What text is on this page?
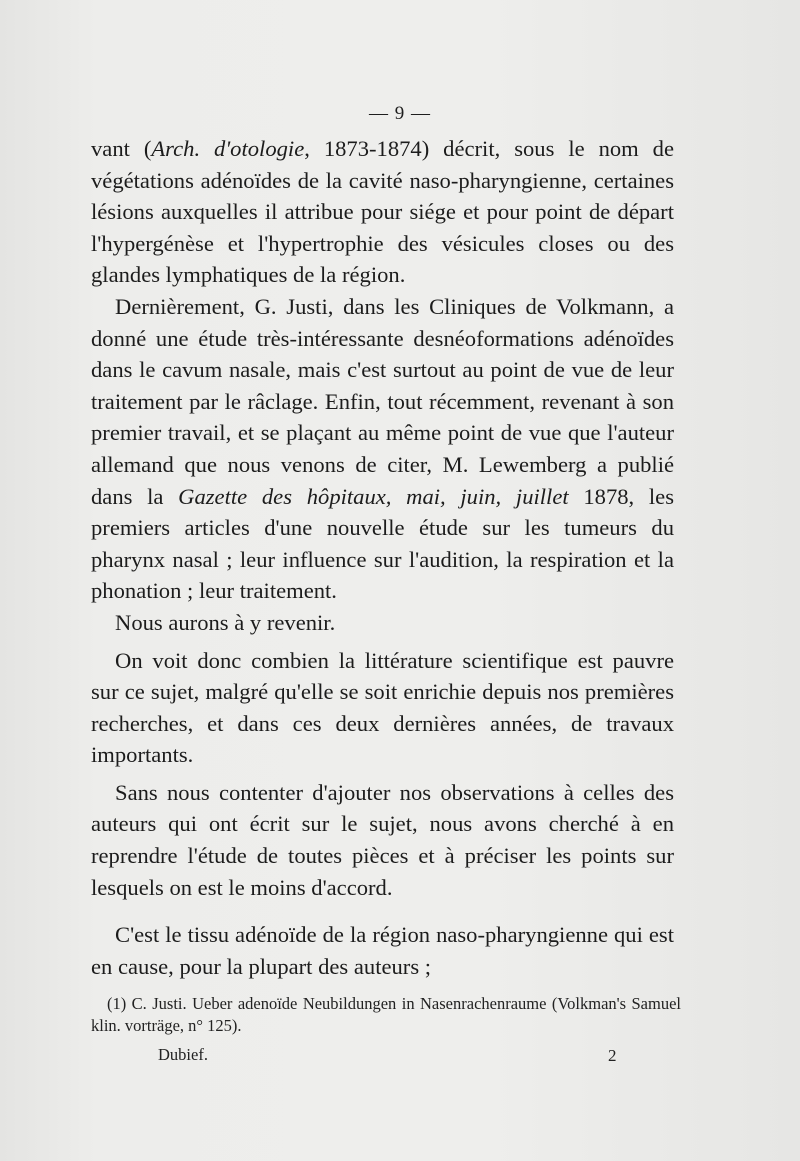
— 9 —

vant (Arch. d'otologie, 1873-1874) décrit, sous le nom de végétations adénoïdes de la cavité naso-pharyngienne, certaines lésions auxquelles il attribue pour siége et pour point de départ l'hypergénèse et l'hypertrophie des vésicules closes ou des glandes lymphatiques de la région.

Dernièrement, G. Justi, dans les Cliniques de Volkmann, a donné une étude très-intéressante desnéoformations adénoïdes dans le cavum nasale, mais c'est surtout au point de vue de leur traitement par le râclage. Enfin, tout récemment, revenant à son premier travail, et se plaçant au même point de vue que l'auteur allemand que nous venons de citer, M. Lewemberg a publié dans la Gazette des hôpitaux, mai, juin, juillet 1878, les premiers articles d'une nouvelle étude sur les tumeurs du pharynx nasal ; leur influence sur l'audition, la respiration et la phonation ; leur traitement.

Nous aurons à y revenir.

On voit donc combien la littérature scientifique est pauvre sur ce sujet, malgré qu'elle se soit enrichie depuis nos premières recherches, et dans ces deux dernières années, de travaux importants.

Sans nous contenter d'ajouter nos observations à celles des auteurs qui ont écrit sur le sujet, nous avons cherché à en reprendre l'étude de toutes pièces et à préciser les points sur lesquels on est le moins d'accord.

C'est le tissu adénoïde de la région naso-pharyngienne qui est en cause, pour la plupart des auteurs ;

(1) C. Justi. Ueber adenoïde Neubildungen in Nasenrachenraume (Volkman's Samuel klin. vorträge, n° 125).

Dubief.	2
